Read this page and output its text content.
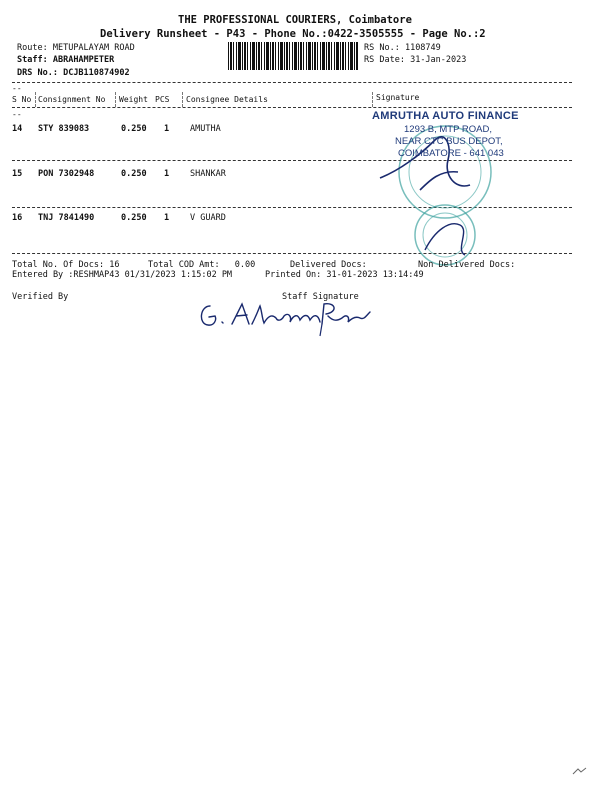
THE PROFESSIONAL COURIERS, Coimbatore
Delivery Runsheet - P43 - Phone No.:0422-3505555 - Page No.:2
Route: METUPALAYAM ROAD
Staff: ABRAHAMPETER
DRS No.: DCJB110874902
RS No.: 1108749
RS Date: 31-Jan-2023
--
S No Consignment No Weight PCS Consignee Details	Signature
--
14 STY 839083	0.250 1 AMUTHA
15 PON 7302948	0.250 1 SHANKAR
16 TNJ 7841490	0.250 1 V GUARD
AMRUTHA AUTO FINANCE
1293 B, MTP ROAD,
NEAR CTC BUS DEPOT,
COIMBATORE - 641 043
Total No. Of Docs: 16	Total COD Amt: 0.00	Delivered Docs:	Non Delivered Docs:
Entered By :RESHMAP43 01/31/2023 1:15:02 PM	Printed On: 31-01-2023 13:14:49
Verified By	Staff Signature
